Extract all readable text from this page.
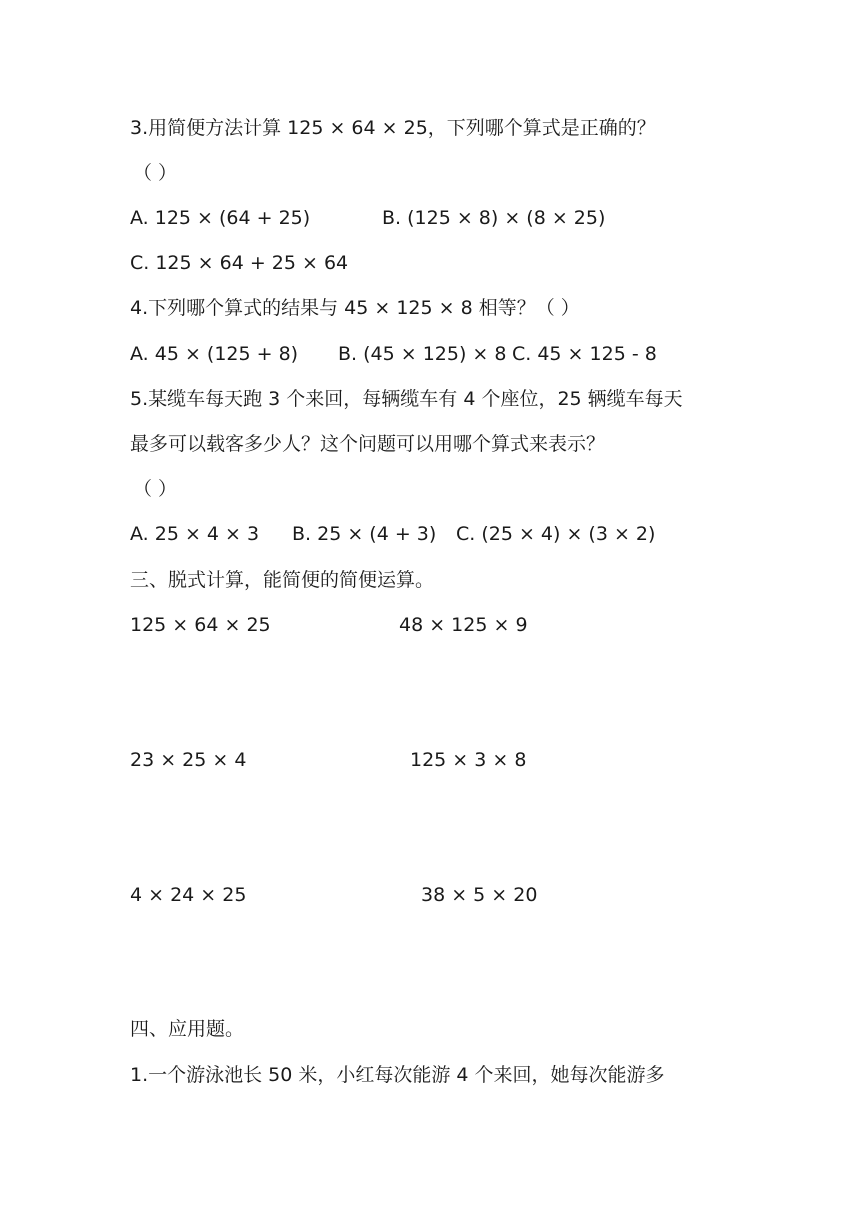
3.用简便方法计算 125 × 64 × 25，下列哪个算式是正确的？
（ ）
A. 125 × (64 + 25)	B. (125 × 8) × (8 × 25)
C. 125 × 64 + 25 × 64
4.下列哪个算式的结果与 45 × 125 × 8 相等？（ ）
A. 45 × (125 + 8) B. (45 × 125) × 8 C. 45 × 125 - 8
5.某缆车每天跑 3 个来回，每辆缆车有 4 个座位，25 辆缆车每天
最多可以载客多少人？这个问题可以用哪个算式来表示？
（ ）
A. 25 × 4 × 3 B. 25 × (4 + 3) C. (25 × 4) × (3 × 2)
三、脱式计算，能简便的简便运算。
125 × 64 × 25	48 × 125 × 9
23 × 25 × 4	125 × 3 × 8
4 × 24 × 25	38 × 5 × 20
四、应用题。
1.一个游泳池长 50 米，小红每次能游 4 个来回，她每次能游多
